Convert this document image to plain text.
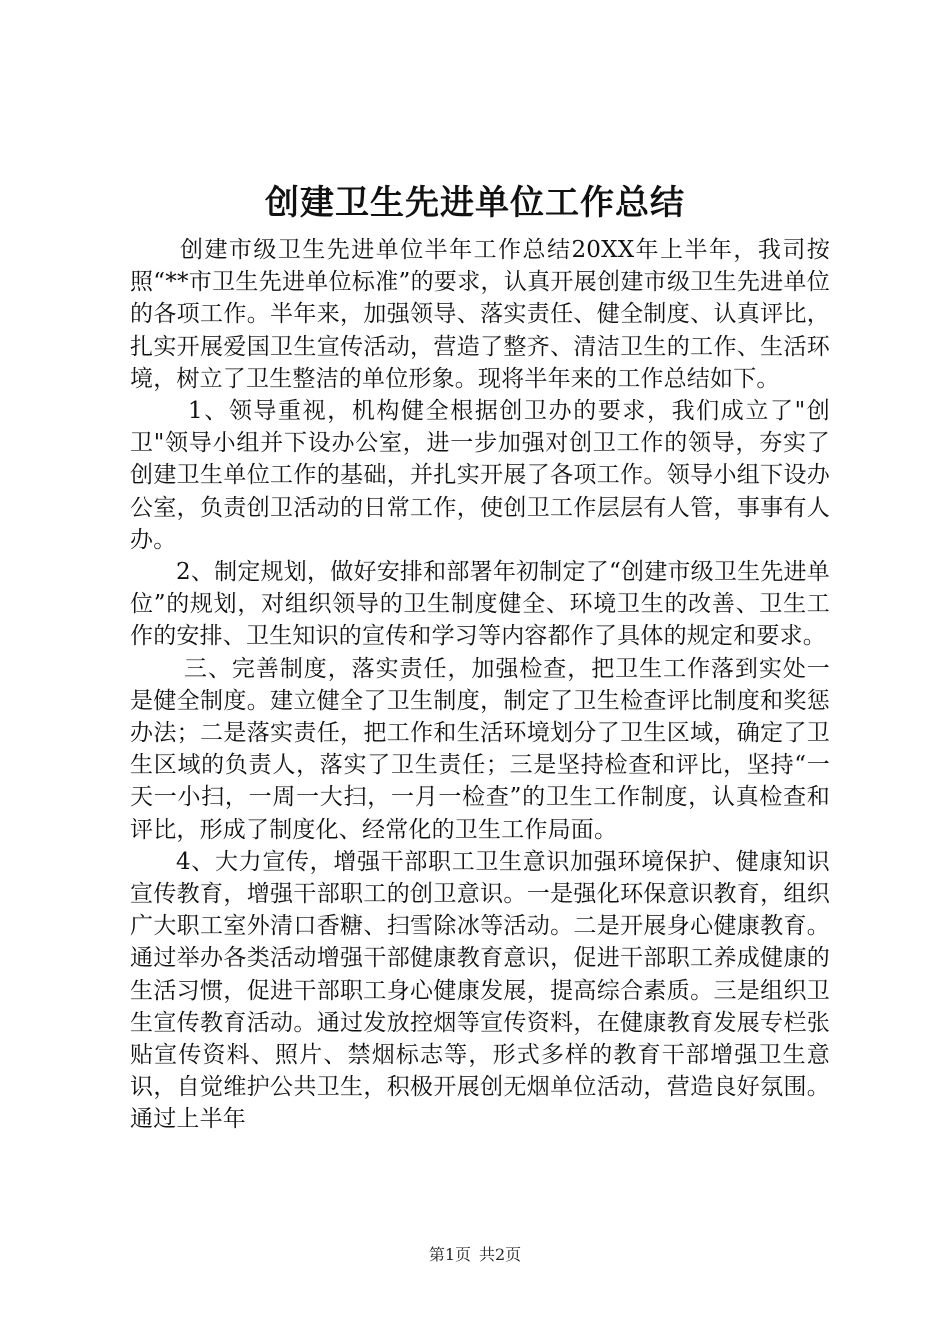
创建卫生先进单位工作总结

创建市级卫生先进单位半年工作总结20XX年上半年，我司按照“**市卫生先进单位标准”的要求，认真开展创建市级卫生先进单位的各项工作。半年来，加强领导、落实责任、健全制度、认真评比，扎实开展爱国卫生宣传活动，营造了整齐、清洁卫生的工作、生活环境，树立了卫生整洁的单位形象。现将半年来的工作总结如下。

1、领导重视，机构健全根据创卫办的要求，我们成立了"创卫"领导小组并下设办公室，进一步加强对创卫工作的领导，夯实了创建卫生单位工作的基础，并扎实开展了各项工作。领导小组下设办公室，负责创卫活动的日常工作，使创卫工作层层有人管，事事有人办。

2、制定规划，做好安排和部署年初制定了“创建市级卫生先进单位”的规划，对组织领导的卫生制度健全、环境卫生的改善、卫生工作的安排、卫生知识的宣传和学习等内容都作了具体的规定和要求。

三、完善制度，落实责任，加强检查，把卫生工作落到实处一是健全制度。建立健全了卫生制度，制定了卫生检查评比制度和奖惩办法；二是落实责任，把工作和生活环境划分了卫生区域，确定了卫生区域的负责人，落实了卫生责任；三是坚持检查和评比，坚持“一天一小扫，一周一大扫，一月一检查”的卫生工作制度，认真检查和评比，形成了制度化、经常化的卫生工作局面。

4、大力宣传，增强干部职工卫生意识加强环境保护、健康知识宣传教育，增强干部职工的创卫意识。一是强化环保意识教育，组织广大职工室外清口香糖、扫雪除冰等活动。二是开展身心健康教育。通过举办各类活动增强干部健康教育意识，促进干部职工养成健康的生活习惯，促进干部职工身心健康发展，提高综合素质。三是组织卫生宣传教育活动。通过发放控烟等宣传资料，在健康教育发展专栏张贴宣传资料、照片、禁烟标志等，形式多样的教育干部增强卫生意识，自觉维护公共卫生，积极开展创无烟单位活动，营造良好氛围。通过上半年

第1页 共2页
